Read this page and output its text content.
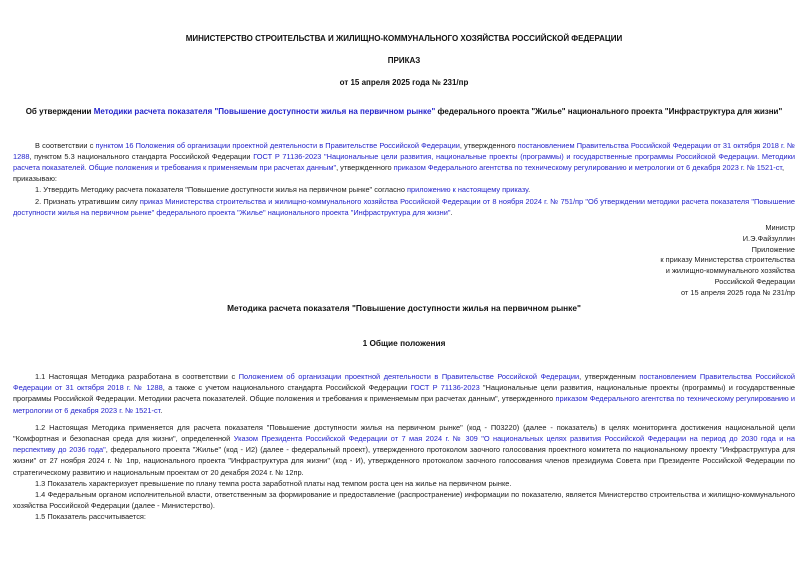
МИНИСТЕРСТВО СТРОИТЕЛЬСТВА И ЖИЛИЩНО-КОММУНАЛЬНОГО ХОЗЯЙСТВА РОССИЙСКОЙ ФЕДЕРАЦИИ
ПРИКАЗ
от 15 апреля 2025 года № 231/пр
Об утверждении Методики расчета показателя "Повышение доступности жилья на первичном рынке" федерального проекта "Жилье" национального проекта "Инфраструктура для жизни"
В соответствии с пунктом 16 Положения об организации проектной деятельности в Правительстве Российской Федерации, утвержденного постановлением Правительства Российской Федерации от 31 октября 2018 г. № 1288, пунктом 5.3 национального стандарта Российской Федерации ГОСТ Р 71136-2023 "Национальные цели развития, национальные проекты (программы) и государственные программы Российской Федерации. Методики расчета показателей. Общие положения и требования к применяемым при расчетах данным", утвержденного приказом Федерального агентства по техническому регулированию и метрологии от 6 декабря 2023 г. № 1521-ст,
приказываю:
1. Утвердить Методику расчета показателя "Повышение доступности жилья на первичном рынке" согласно приложению к настоящему приказу.
2. Признать утратившим силу приказ Министерства строительства и жилищно-коммунального хозяйства Российской Федерации от 8 ноября 2024 г. № 751/пр "Об утверждении методики расчета показателя "Повышение доступности жилья на первичном рынке" федерального проекта "Жилье" национального проекта "Инфраструктура для жизни".
Министр
И.Э.Файзуллин
Приложение
к приказу Министерства строительства
и жилищно-коммунального хозяйства
Российской Федерации
от 15 апреля 2025 года № 231/пр
Методика расчета показателя "Повышение доступности жилья на первичном рынке"
1 Общие положения
1.1 Настоящая Методика разработана в соответствии с Положением об организации проектной деятельности в Правительстве Российской Федерации, утвержденным постановлением Правительства Российской Федерации от 31 октября 2018 г. № 1288, а также с учетом национального стандарта Российской Федерации ГОСТ Р 71136-2023 "Национальные цели развития, национальные проекты (программы) и государственные программы Российской Федерации. Методики расчета показателей. Общие положения и требования к применяемым при расчетах данным", утвержденного приказом Федерального агентства по техническому регулированию и метрологии от 6 декабря 2023 г. № 1521-ст.
1.2 Настоящая Методика применяется для расчета показателя "Повышение доступности жилья на первичном рынке" (код - П03220) (далее - показатель) в целях мониторинга достижения национальной цели "Комфортная и безопасная среда для жизни", определенной Указом Президента Российской Федерации от 7 мая 2024 г. № 309 "О национальных целях развития Российской Федерации на период до 2030 года и на перспективу до 2036 года", федерального проекта "Жилье" (код - И2) (далее - федеральный проект), утвержденного протоколом заочного голосования проектного комитета по национальному проекту "Инфраструктура для жизни" от 27 ноября 2024 г. № 1пр, национального проекта "Инфраструктура для жизни" (код - И), утвержденного протоколом заочного голосования членов президиума Совета при Президенте Российской Федерации по стратегическому развитию и национальным проектам от 20 декабря 2024 г. № 12пр.
1.3 Показатель характеризует превышение по плану темпа роста заработной платы над темпом роста цен на жилье на первичном рынке.
1.4 Федеральным органом исполнительной власти, ответственным за формирование и предоставление (распространение) информации по показателю, является Министерство строительства и жилищно-коммунального хозяйства Российской Федерации (далее - Министерство).
1.5 Показатель рассчитывается:
